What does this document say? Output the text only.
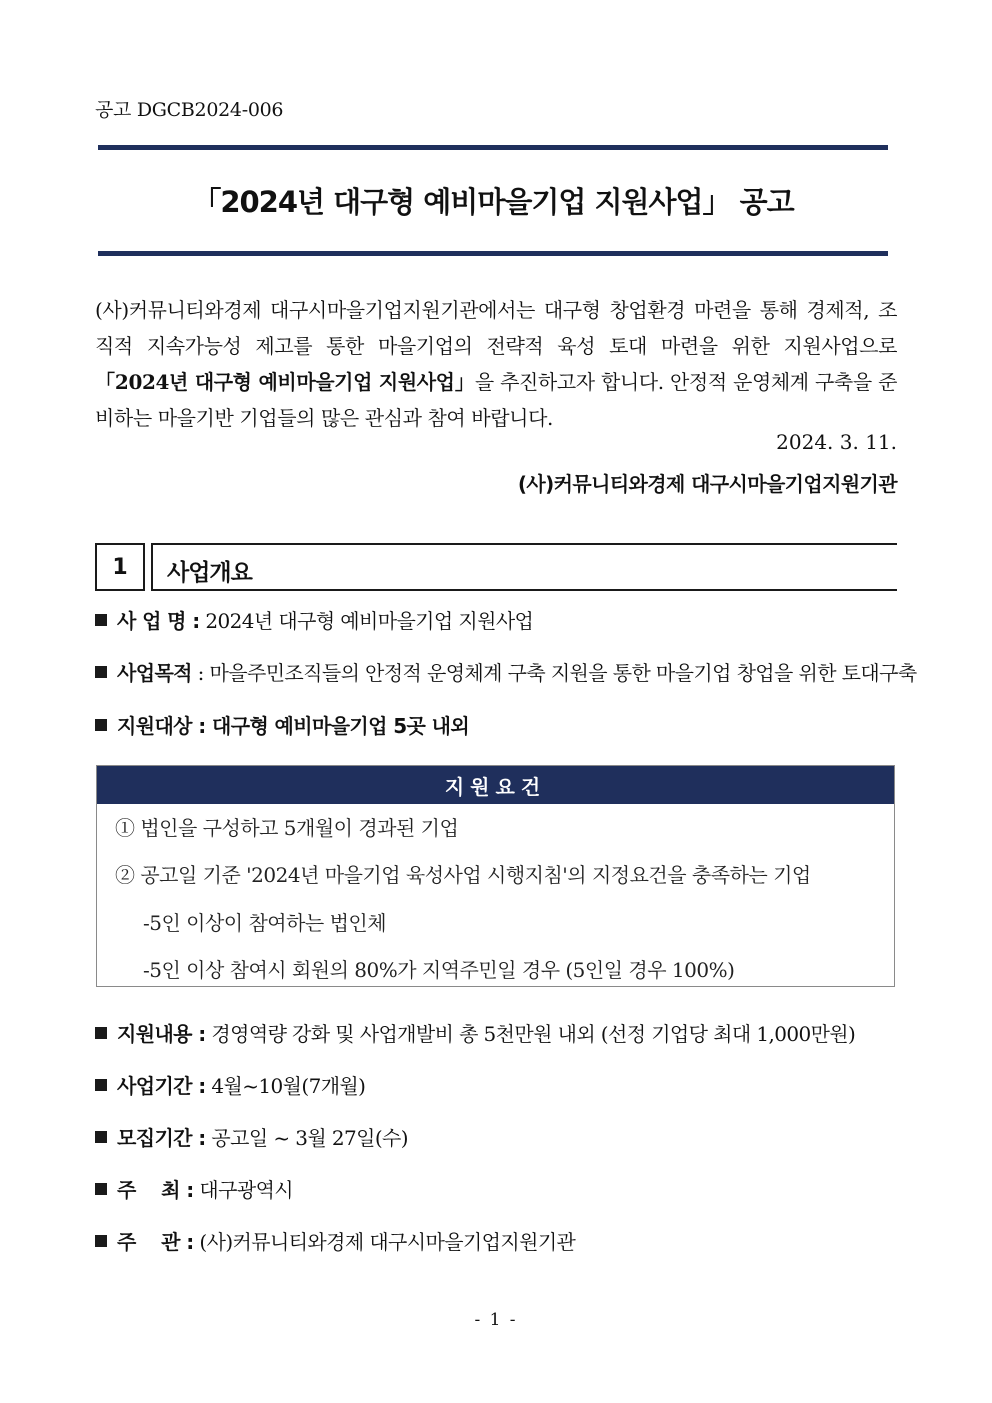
공고 DGCB2024-006
「2024년 대구형 예비마을기업 지원사업」 공고
(사)커뮤니티와경제 대구시마을기업지원기관에서는 대구형 창업환경 마련을 통해 경제적, 조
직적 지속가능성 제고를 통한 마을기업의 전략적 육성 토대 마련을 위한 지원사업으로
「2024년 대구형 예비마을기업 지원사업」을 추진하고자 합니다. 안정적 운영체계 구축을 준
비하는 마을기반 기업들의 많은 관심과 참여 바랍니다.
2024. 3. 11.
(사)커뮤니티와경제 대구시마을기업지원기관
1	사업개요
사 업 명 : 2024년 대구형 예비마을기업 지원사업
사업목적 : 마을주민조직들의 안정적 운영체계 구축 지원을 통한 마을기업 창업을 위한 토대구축
지원대상 : 대구형 예비마을기업 5곳 내외
지원요건
① 법인을 구성하고 5개월이 경과된 기업
② 공고일 기준 '2024년 마을기업 육성사업 시행지침'의 지정요건을 충족하는 기업
-5인 이상이 참여하는 법인체
-5인 이상 참여시 회원의 80%가 지역주민일 경우 (5인일 경우 100%)
지원내용 : 경영역량 강화 및 사업개발비 총 5천만원 내외 (선정 기업당 최대 1,000만원)
사업기간 : 4월~10월(7개월)
모집기간 : 공고일 ~ 3월 27일(수)
주    최 : 대구광역시
주    관 : (사)커뮤니티와경제 대구시마을기업지원기관
- 1 -
